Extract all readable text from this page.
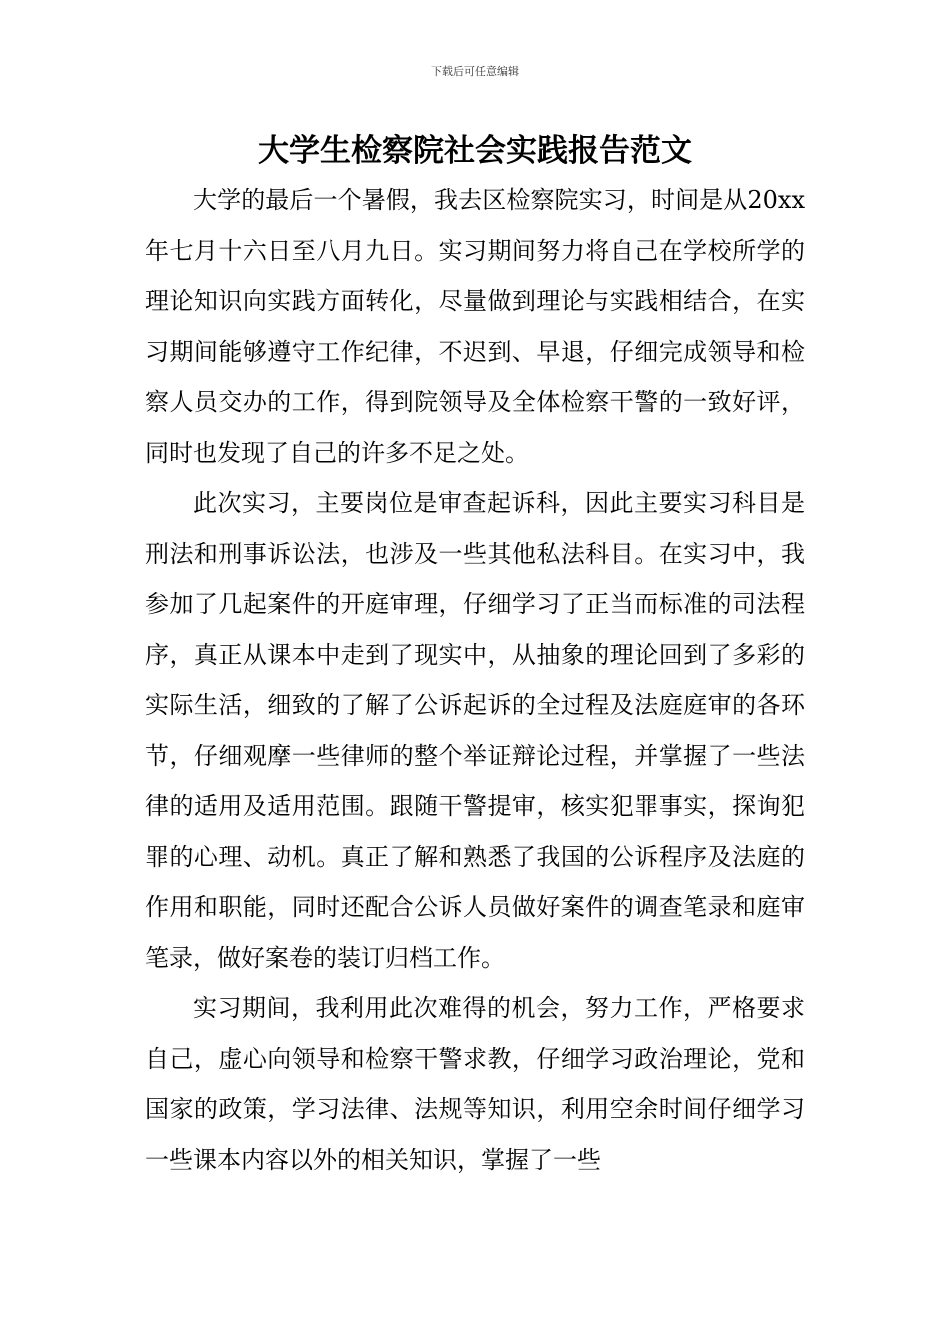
下载后可任意编辑
大学生检察院社会实践报告范文

大学的最后一个暑假，我去区检察院实习，时间是从20xx年七月十六日至八月九日。实习期间努力将自己在学校所学的理论知识向实践方面转化，尽量做到理论与实践相结合，在实习期间能够遵守工作纪律，不迟到、早退，仔细完成领导和检察人员交办的工作，得到院领导及全体检察干警的一致好评，同时也发现了自己的许多不足之处。

此次实习，主要岗位是审查起诉科，因此主要实习科目是刑法和刑事诉讼法，也涉及一些其他私法科目。在实习中，我参加了几起案件的开庭审理，仔细学习了正当而标准的司法程序，真正从课本中走到了现实中，从抽象的理论回到了多彩的实际生活，细致的了解了公诉起诉的全过程及法庭庭审的各环节，仔细观摩一些律师的整个举证辩论过程，并掌握了一些法律的适用及适用范围。跟随干警提审，核实犯罪事实，探询犯罪的心理、动机。真正了解和熟悉了我国的公诉程序及法庭的作用和职能，同时还配合公诉人员做好案件的调查笔录和庭审笔录，做好案卷的装订归档工作。

实习期间，我利用此次难得的机会，努力工作，严格要求自己，虚心向领导和检察干警求教，仔细学习政治理论，党和国家的政策，学习法律、法规等知识，利用空余时间仔细学习一些课本内容以外的相关知识，掌握了一些
